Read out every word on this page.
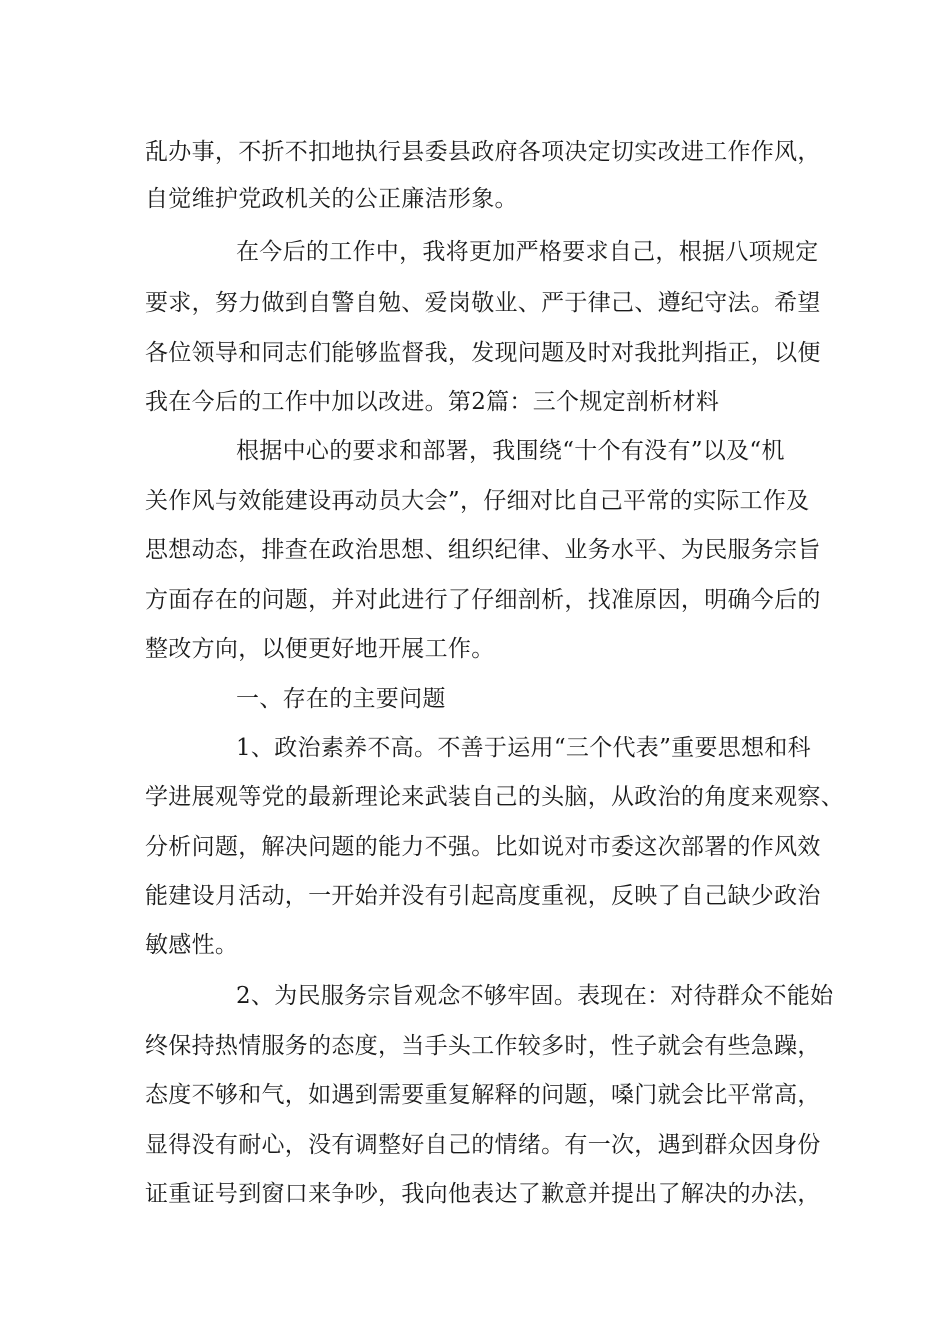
乱办事，不折不扣地执行县委县政府各项决定切实改进工作作风，
自觉维护党政机关的公正廉洁形象。
在今后的工作中，我将更加严格要求自己，根据八项规定
要求，努力做到自警自勉、爱岗敬业、严于律己、遵纪守法。希望
各位领导和同志们能够监督我，发现问题及时对我批判指正，以便
我在今后的工作中加以改进。第2篇：三个规定剖析材料
根据中心的要求和部署，我围绕“十个有没有”以及“机
关作风与效能建设再动员大会”，仔细对比自己平常的实际工作及
思想动态，排查在政治思想、组织纪律、业务水平、为民服务宗旨
方面存在的问题，并对此进行了仔细剖析，找准原因，明确今后的
整改方向，以便更好地开展工作。
一、存在的主要问题
1、政治素养不高。不善于运用“三个代表”重要思想和科
学进展观等党的最新理论来武装自己的头脑，从政治的角度来观察、
分析问题，解决问题的能力不强。比如说对市委这次部署的作风效
能建设月活动，一开始并没有引起高度重视，反映了自己缺少政治
敏感性。
2、为民服务宗旨观念不够牢固。表现在：对待群众不能始
终保持热情服务的态度，当手头工作较多时，性子就会有些急躁，
态度不够和气，如遇到需要重复解释的问题，嗓门就会比平常高，
显得没有耐心，没有调整好自己的情绪。有一次，遇到群众因身份
证重证号到窗口来争吵，我向他表达了歉意并提出了解决的办法，
